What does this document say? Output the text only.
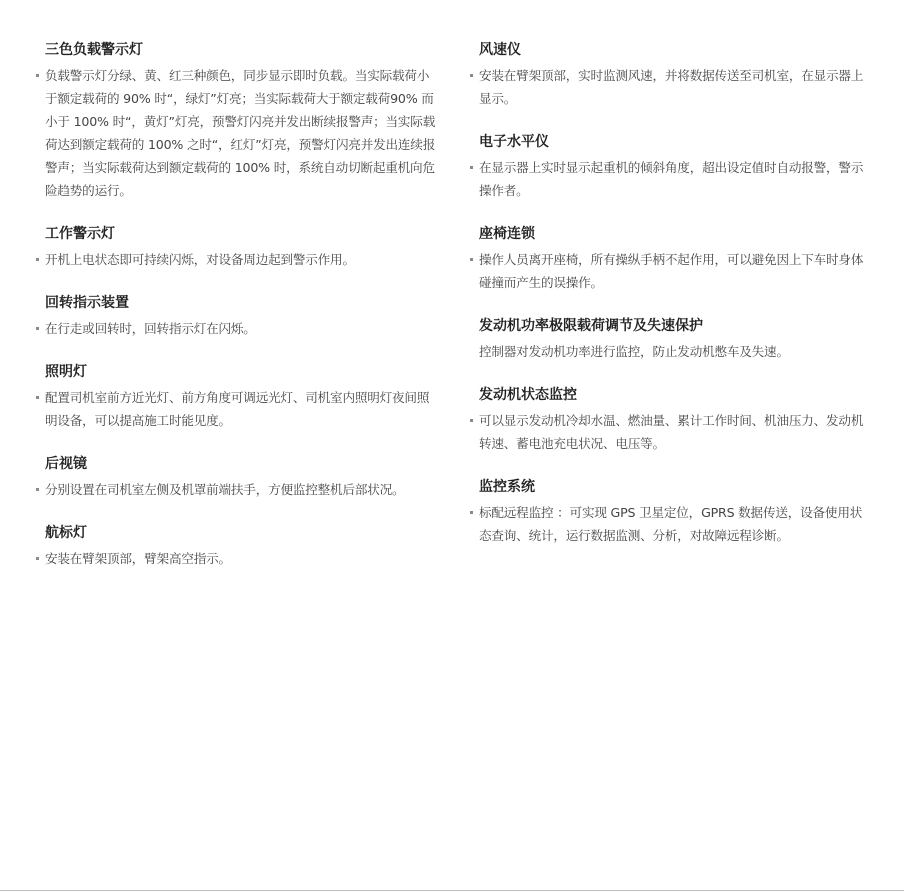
三色负载警示灯
负载警示灯分绿、黄、红三种颜色，同步显示即时负载。当实际载荷小于额定载荷的 90% 时“，绿灯”灯亮；当实际载荷大于额定载荷90% 而小于 100% 时“，黄灯”灯亮，预警灯闪亮并发出断续报警声；当实际载荷达到额定载荷的 100% 之时“，红灯”灯亮，预警灯闪亮并发出连续报警声；当实际载荷达到额定载荷的 100% 时，系统自动切断起重机向危险趋势的运行。
工作警示灯
开机上电状态即可持续闪烁，对设备周边起到警示作用。
回转指示装置
在行走或回转时，回转指示灯在闪烁。
照明灯
配置司机室前方近光灯、前方角度可调远光灯、司机室内照明灯夜间照明设备，可以提高施工时能见度。
后视镜
分别设置在司机室左侧及机罩前端扶手，方便监控整机后部状况。
航标灯
安装在臂架顶部，臂架高空指示。
风速仪
安装在臂架顶部，实时监测风速，并将数据传送至司机室，在显示器上显示。
电子水平仪
在显示器上实时显示起重机的倾斜角度，超出设定值时自动报警，警示操作者。
座椅连锁
操作人员离开座椅，所有操纵手柄不起作用，可以避免因上下车时身体碰撞而产生的误操作。
发动机功率极限载荷调节及失速保护
控制器对发动机功率进行监控，防止发动机憋车及失速。
发动机状态监控
可以显示发动机冷却水温、燃油量、累计工作时间、机油压力、发动机转速、蓄电池充电状况、电压等。
监控系统
标配远程监控 ：可实现 GPS 卫星定位，GPRS 数据传送，设备使用状态查询、统计，运行数据监测、分析，对故障远程诊断。
